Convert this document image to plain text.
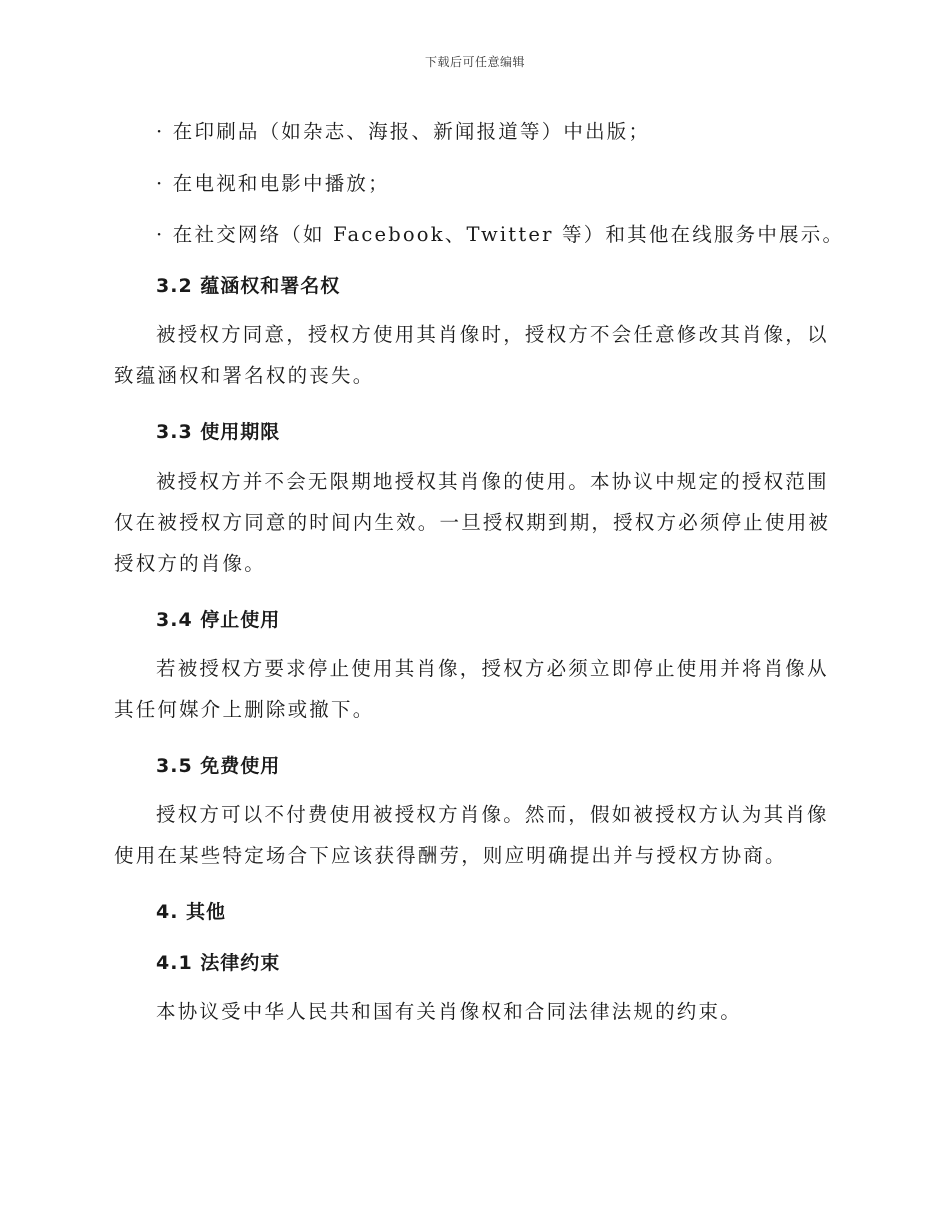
下载后可任意编辑
· 在印刷品（如杂志、海报、新闻报道等）中出版；
· 在电视和电影中播放；
· 在社交网络（如 Facebook、Twitter 等）和其他在线服务中展示。
3.2 蕴涵权和署名权
被授权方同意，授权方使用其肖像时，授权方不会任意修改其肖像，以
致蕴涵权和署名权的丧失。
3.3 使用期限
被授权方并不会无限期地授权其肖像的使用。本协议中规定的授权范围
仅在被授权方同意的时间内生效。一旦授权期到期，授权方必须停止使用被
授权方的肖像。
3.4 停止使用
若被授权方要求停止使用其肖像，授权方必须立即停止使用并将肖像从
其任何媒介上删除或撤下。
3.5 免费使用
授权方可以不付费使用被授权方肖像。然而，假如被授权方认为其肖像
使用在某些特定场合下应该获得酬劳，则应明确提出并与授权方协商。
4. 其他
4.1 法律约束
本协议受中华人民共和国有关肖像权和合同法律法规的约束。
